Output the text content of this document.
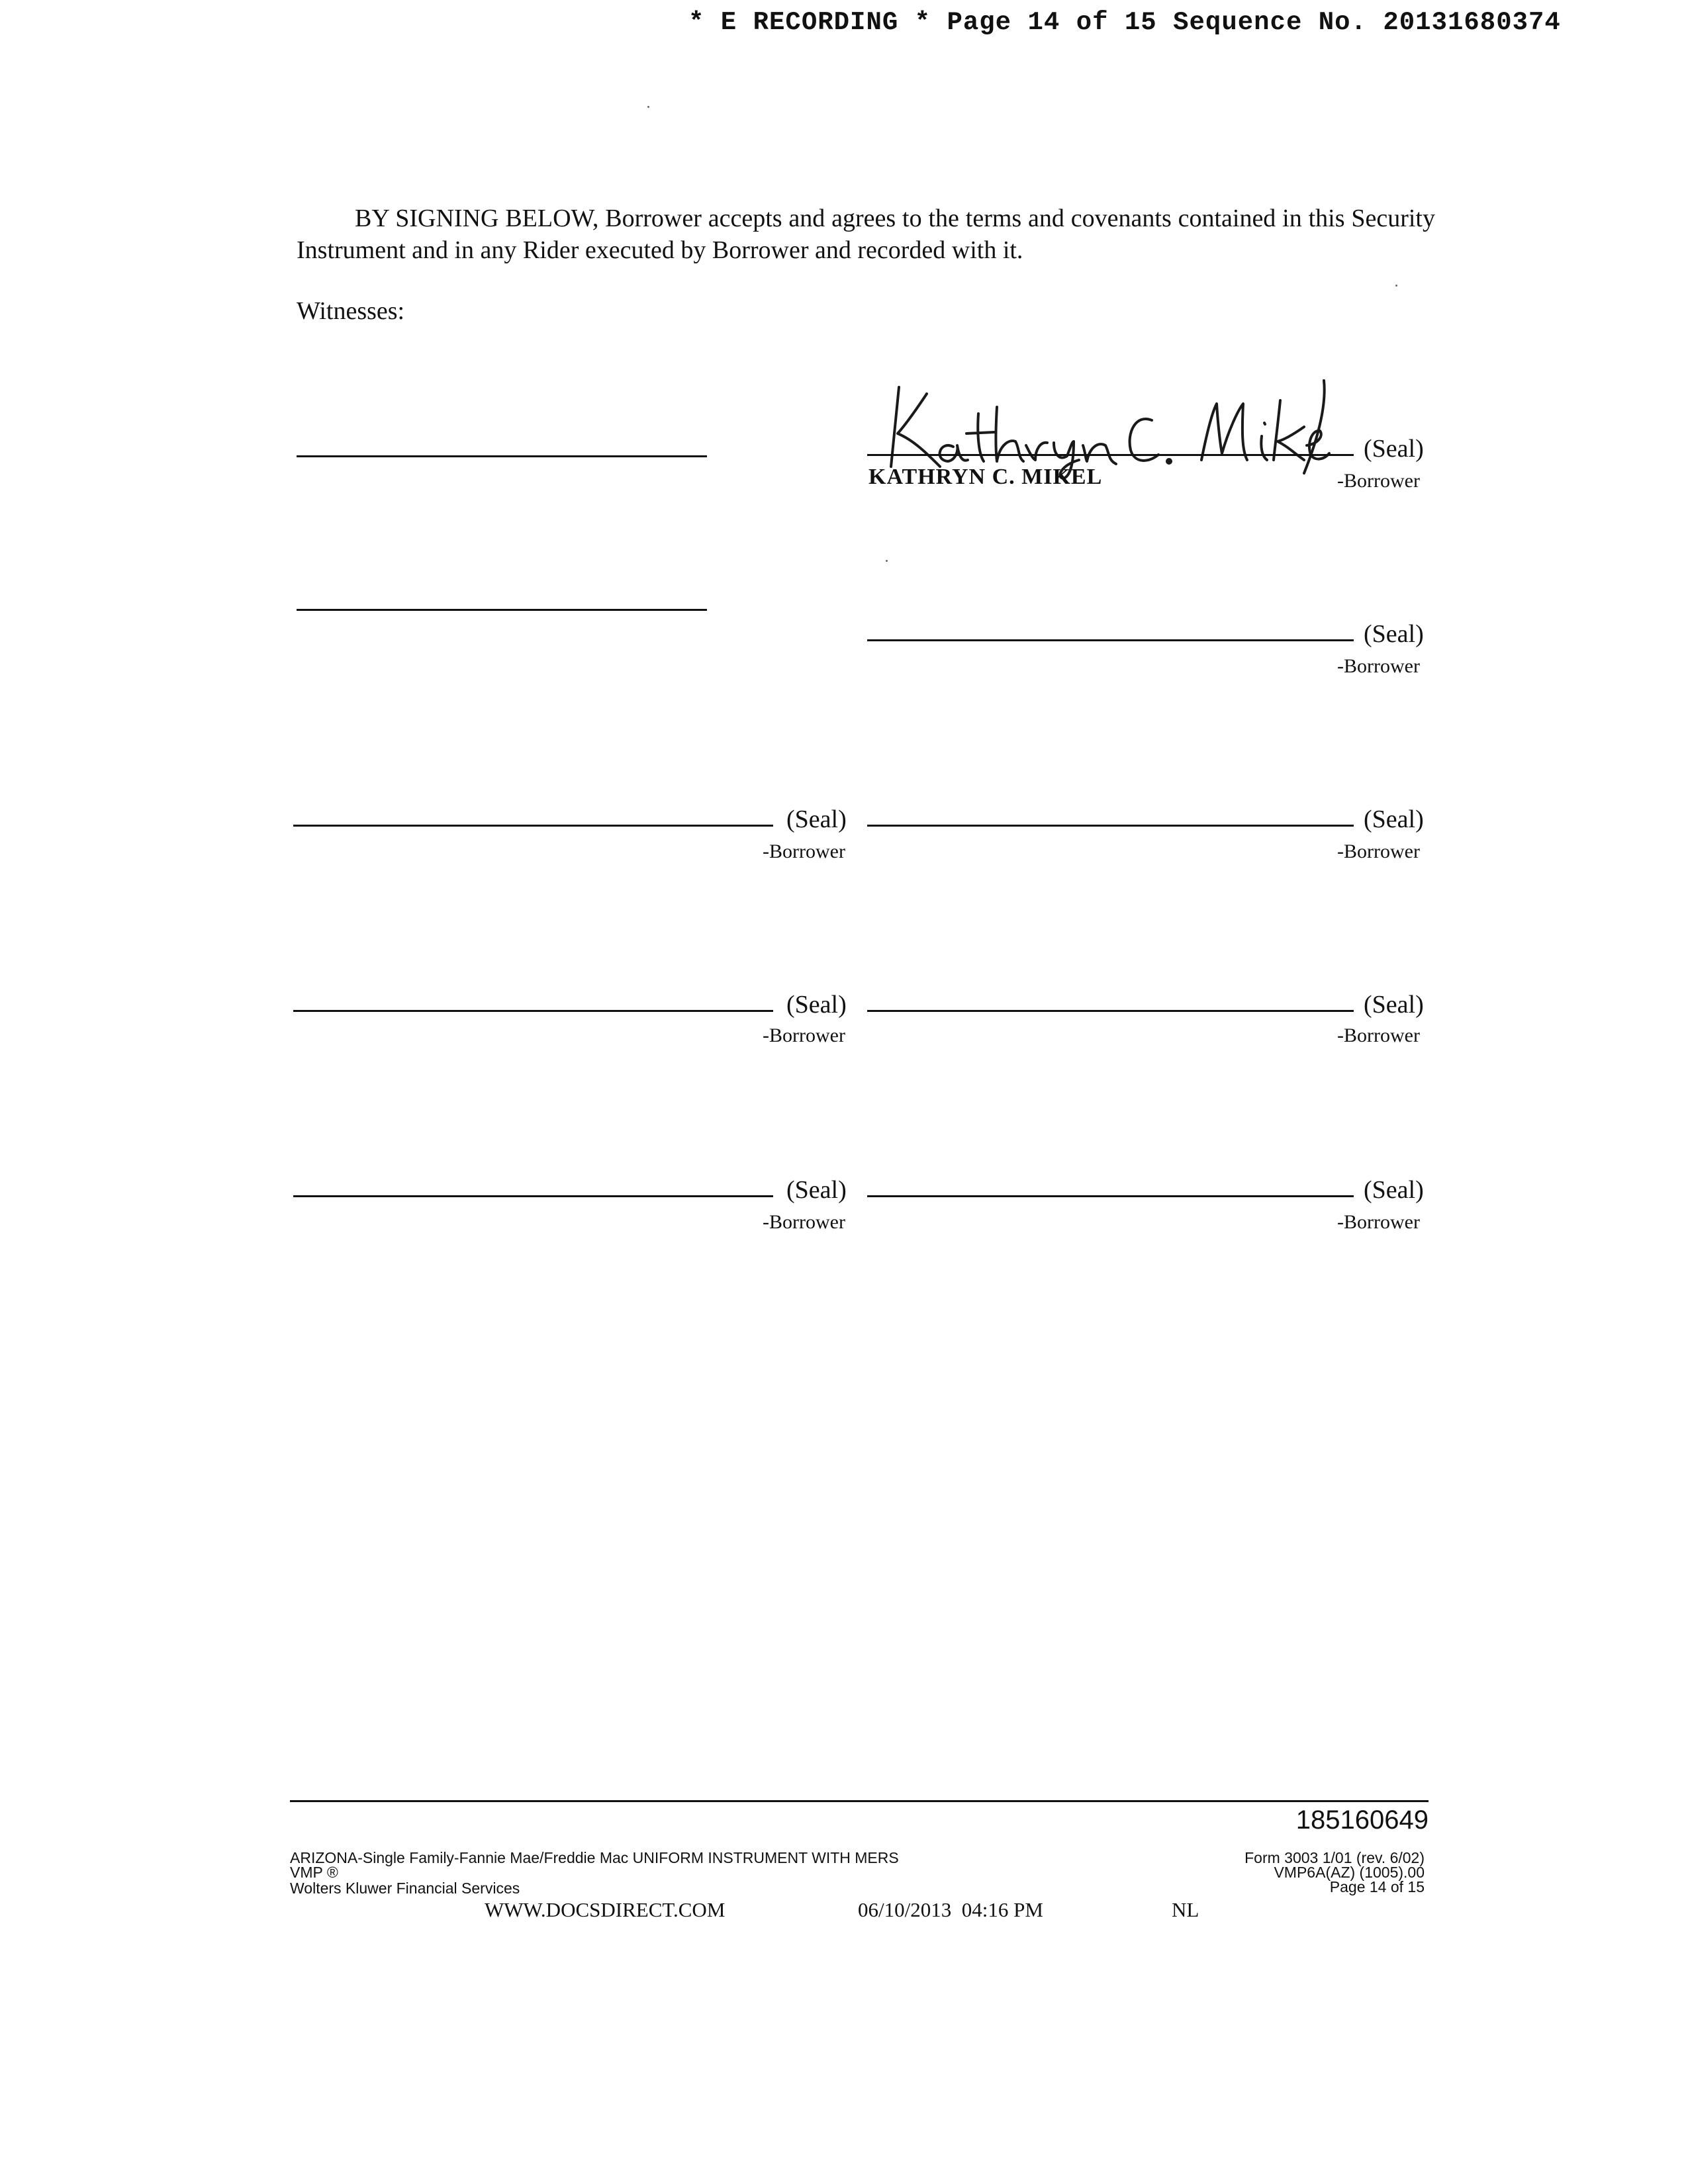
* E RECORDING * Page 14 of 15 Sequence No. 20131680374
BY SIGNING BELOW, Borrower accepts and agrees to the terms and covenants contained in this Security Instrument and in any Rider executed by Borrower and recorded with it.
Witnesses:
(Seal)
KATHRYN C. MIKEL	-Borrower
(Seal)
-Borrower
(Seal)
-Borrower
(Seal)
-Borrower
(Seal)
-Borrower
(Seal)
-Borrower
(Seal)
-Borrower
(Seal)
-Borrower
185160649
ARIZONA-Single Family-Fannie Mae/Freddie Mac UNIFORM INSTRUMENT WITH MERS
VMP ®
Wolters Kluwer Financial Services
Form 3003 1/01 (rev. 6/02)
VMP6A(AZ) (1005).00
Page 14 of 15
WWW.DOCSDIRECT.COM	06/10/2013  04:16 PM	NL
